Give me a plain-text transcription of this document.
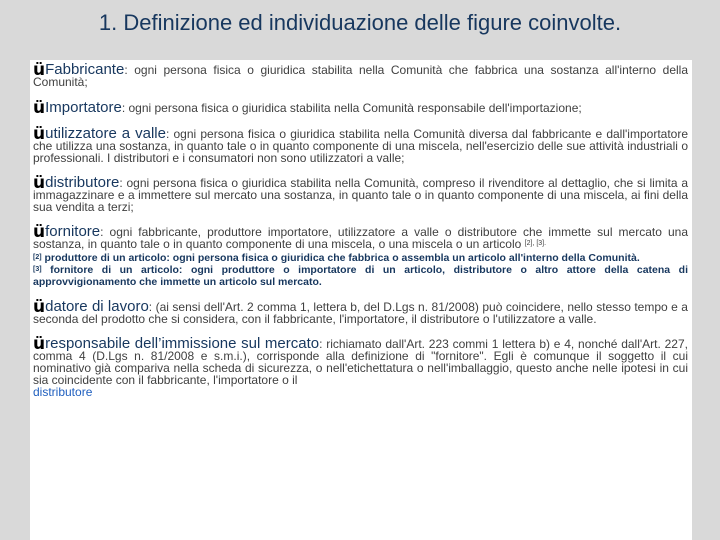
1. Definizione ed individuazione delle figure coinvolte.

üFabbricante: ogni persona fisica o giuridica stabilita nella Comunità che fabbrica una sostanza all'interno della Comunità;

üImportatore: ogni persona fisica o giuridica stabilita nella Comunità responsabile dell'importazione;

üutilizzatore a valle: ogni persona fisica o giuridica stabilita nella Comunità diversa dal fabbricante e dall'importatore che utilizza una sostanza, in quanto tale o in quanto componente di una miscela, nell'esercizio delle sue attività industriali o professionali. I distributori e i consumatori non sono utilizzatori a valle;

üdistributore: ogni persona fisica o giuridica stabilita nella Comunità, compreso il rivenditore al dettaglio, che si limita a immagazzinare e a immettere sul mercato una sostanza, in quanto tale o in quanto componente di una miscela, ai fini della sua vendita a terzi;

üfornitore: ogni fabbricante, produttore importatore, utilizzatore a valle o distributore che immette sul mercato una sostanza, in quanto tale o in quanto componente di una miscela, o una miscela o un articolo $^{[2],}$ $^{[3].}$

[2] produttore di un articolo: ogni persona fisica o giuridica che fabbrica o assembla un articolo all'interno della Comunità.

[3] fornitore di un articolo: ogni produttore o importatore di un articolo, distributore o altro attore della catena di approvvigionamento che immette un articolo sul mercato.

üdatore di lavoro: (ai sensi dell'Art. 2 comma 1, lettera b, del D.Lgs n. 81/2008) può coincidere, nello stesso tempo e a seconda del prodotto che si considera, con il fabbricante, l'importatore, il distributore o l'utilizzatore a valle.

üresponsabile dell’immissione sul mercato: richiamato dall'Art. 223 commi 1 lettera b) e 4, nonché dall'Art. 227, comma 4 (D.Lgs n. 81/2008 e s.m.i.), corrisponde alla definizione di "fornitore". Egli è comunque il soggetto il cui nominativo già compariva nella scheda di sicurezza, o nell'etichettatura o nell'imballaggio, questo anche nelle ipotesi in cui sia coincidente con il fabbricante, l'importatore o il
distributore
